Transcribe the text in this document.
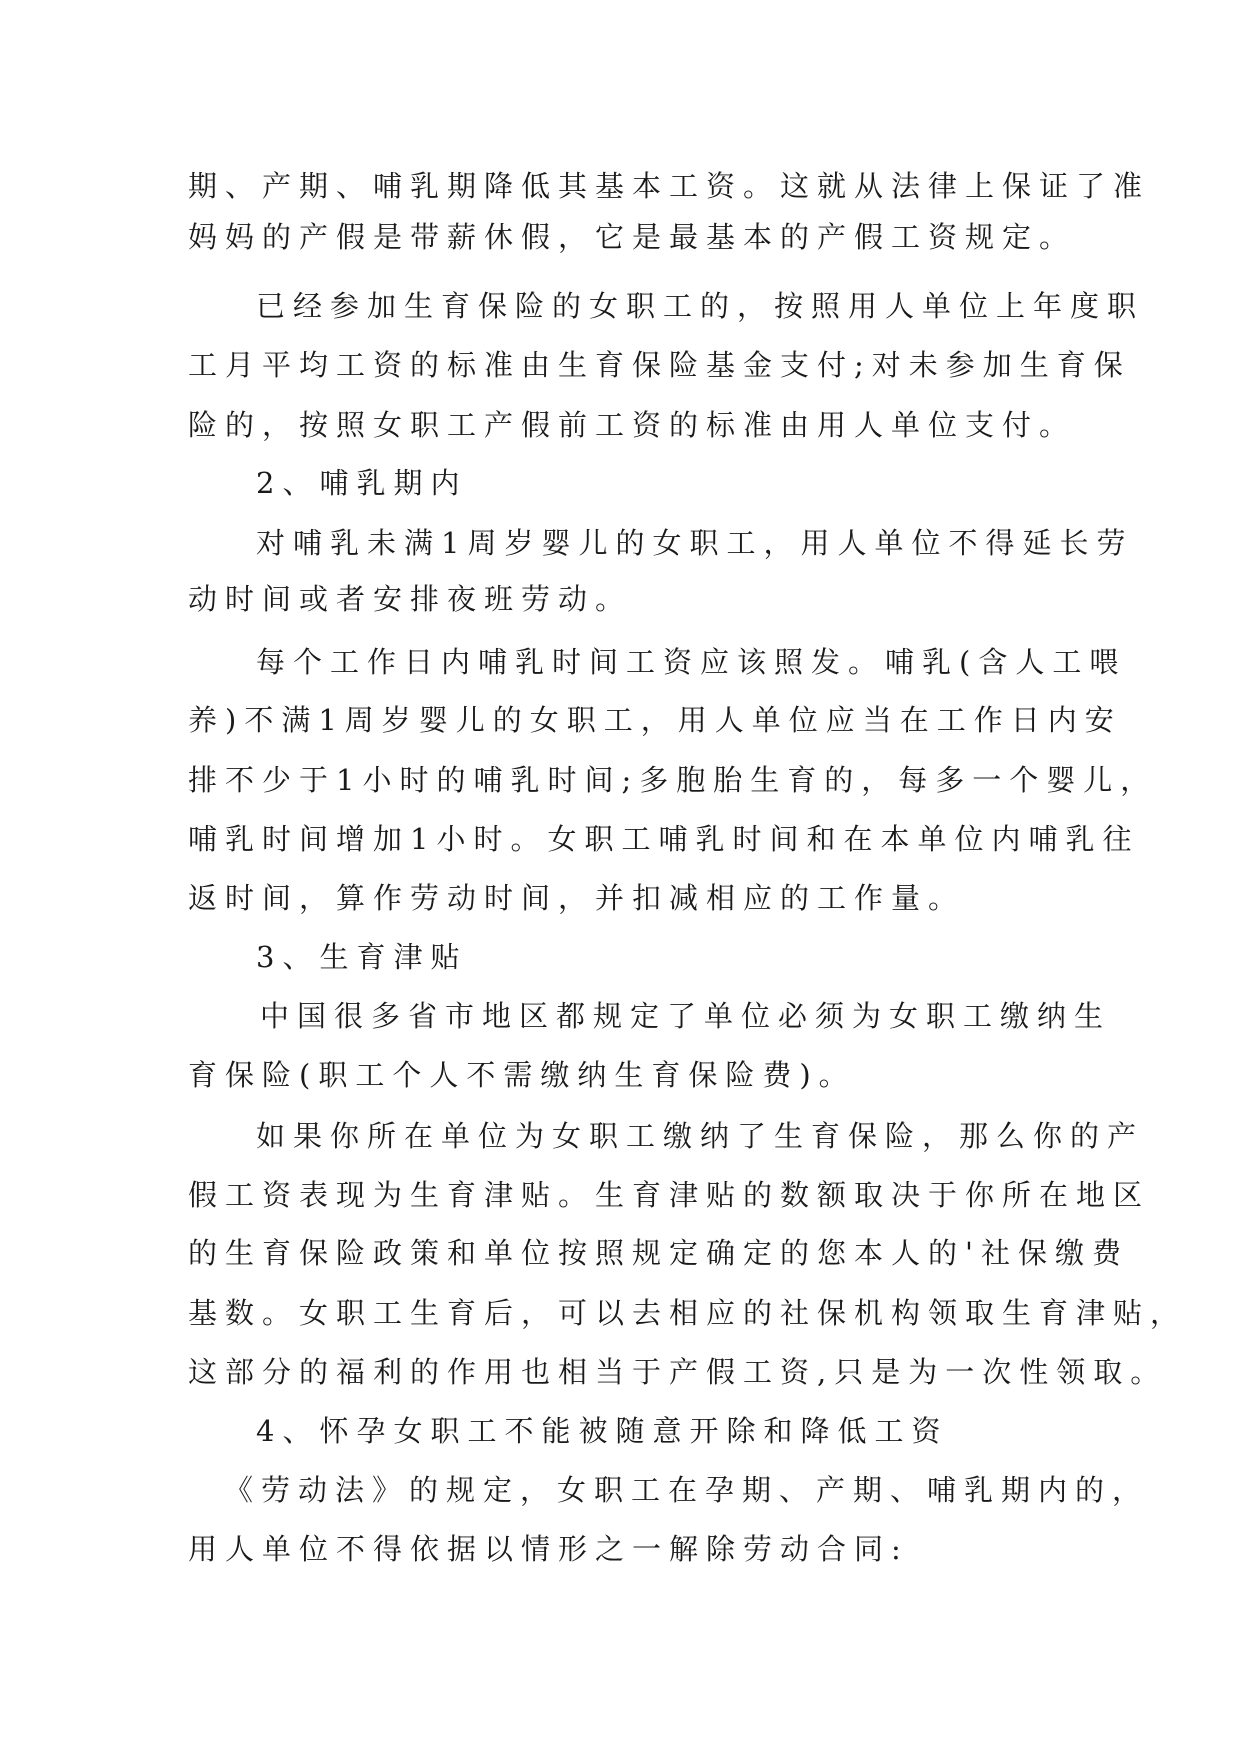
期、产期、哺乳期降低其基本工资。这就从法律上保证了准
妈妈的产假是带薪休假，它是最基本的产假工资规定。
已经参加生育保险的女职工的，按照用人单位上年度职
工月平均工资的标准由生育保险基金支付;对未参加生育保
险的，按照女职工产假前工资的标准由用人单位支付。
2、哺乳期内
对哺乳未满1周岁婴儿的女职工，用人单位不得延长劳
动时间或者安排夜班劳动。
每个工作日内哺乳时间工资应该照发。哺乳(含人工喂
养)不满1周岁婴儿的女职工，用人单位应当在工作日内安
排不少于1小时的哺乳时间;多胞胎生育的，每多一个婴儿，
哺乳时间增加1小时。女职工哺乳时间和在本单位内哺乳往
返时间，算作劳动时间，并扣减相应的工作量。
3、生育津贴
中国很多省市地区都规定了单位必须为女职工缴纳生
育保险(职工个人不需缴纳生育保险费)。
如果你所在单位为女职工缴纳了生育保险，那么你的产
假工资表现为生育津贴。生育津贴的数额取决于你所在地区
的生育保险政策和单位按照规定确定的您本人的'社保缴费
基数。女职工生育后，可以去相应的社保机构领取生育津贴，
这部分的福利的作用也相当于产假工资,只是为一次性领取。
4、怀孕女职工不能被随意开除和降低工资
《劳动法》的规定，女职工在孕期、产期、哺乳期内的，
用人单位不得依据以情形之一解除劳动合同:
